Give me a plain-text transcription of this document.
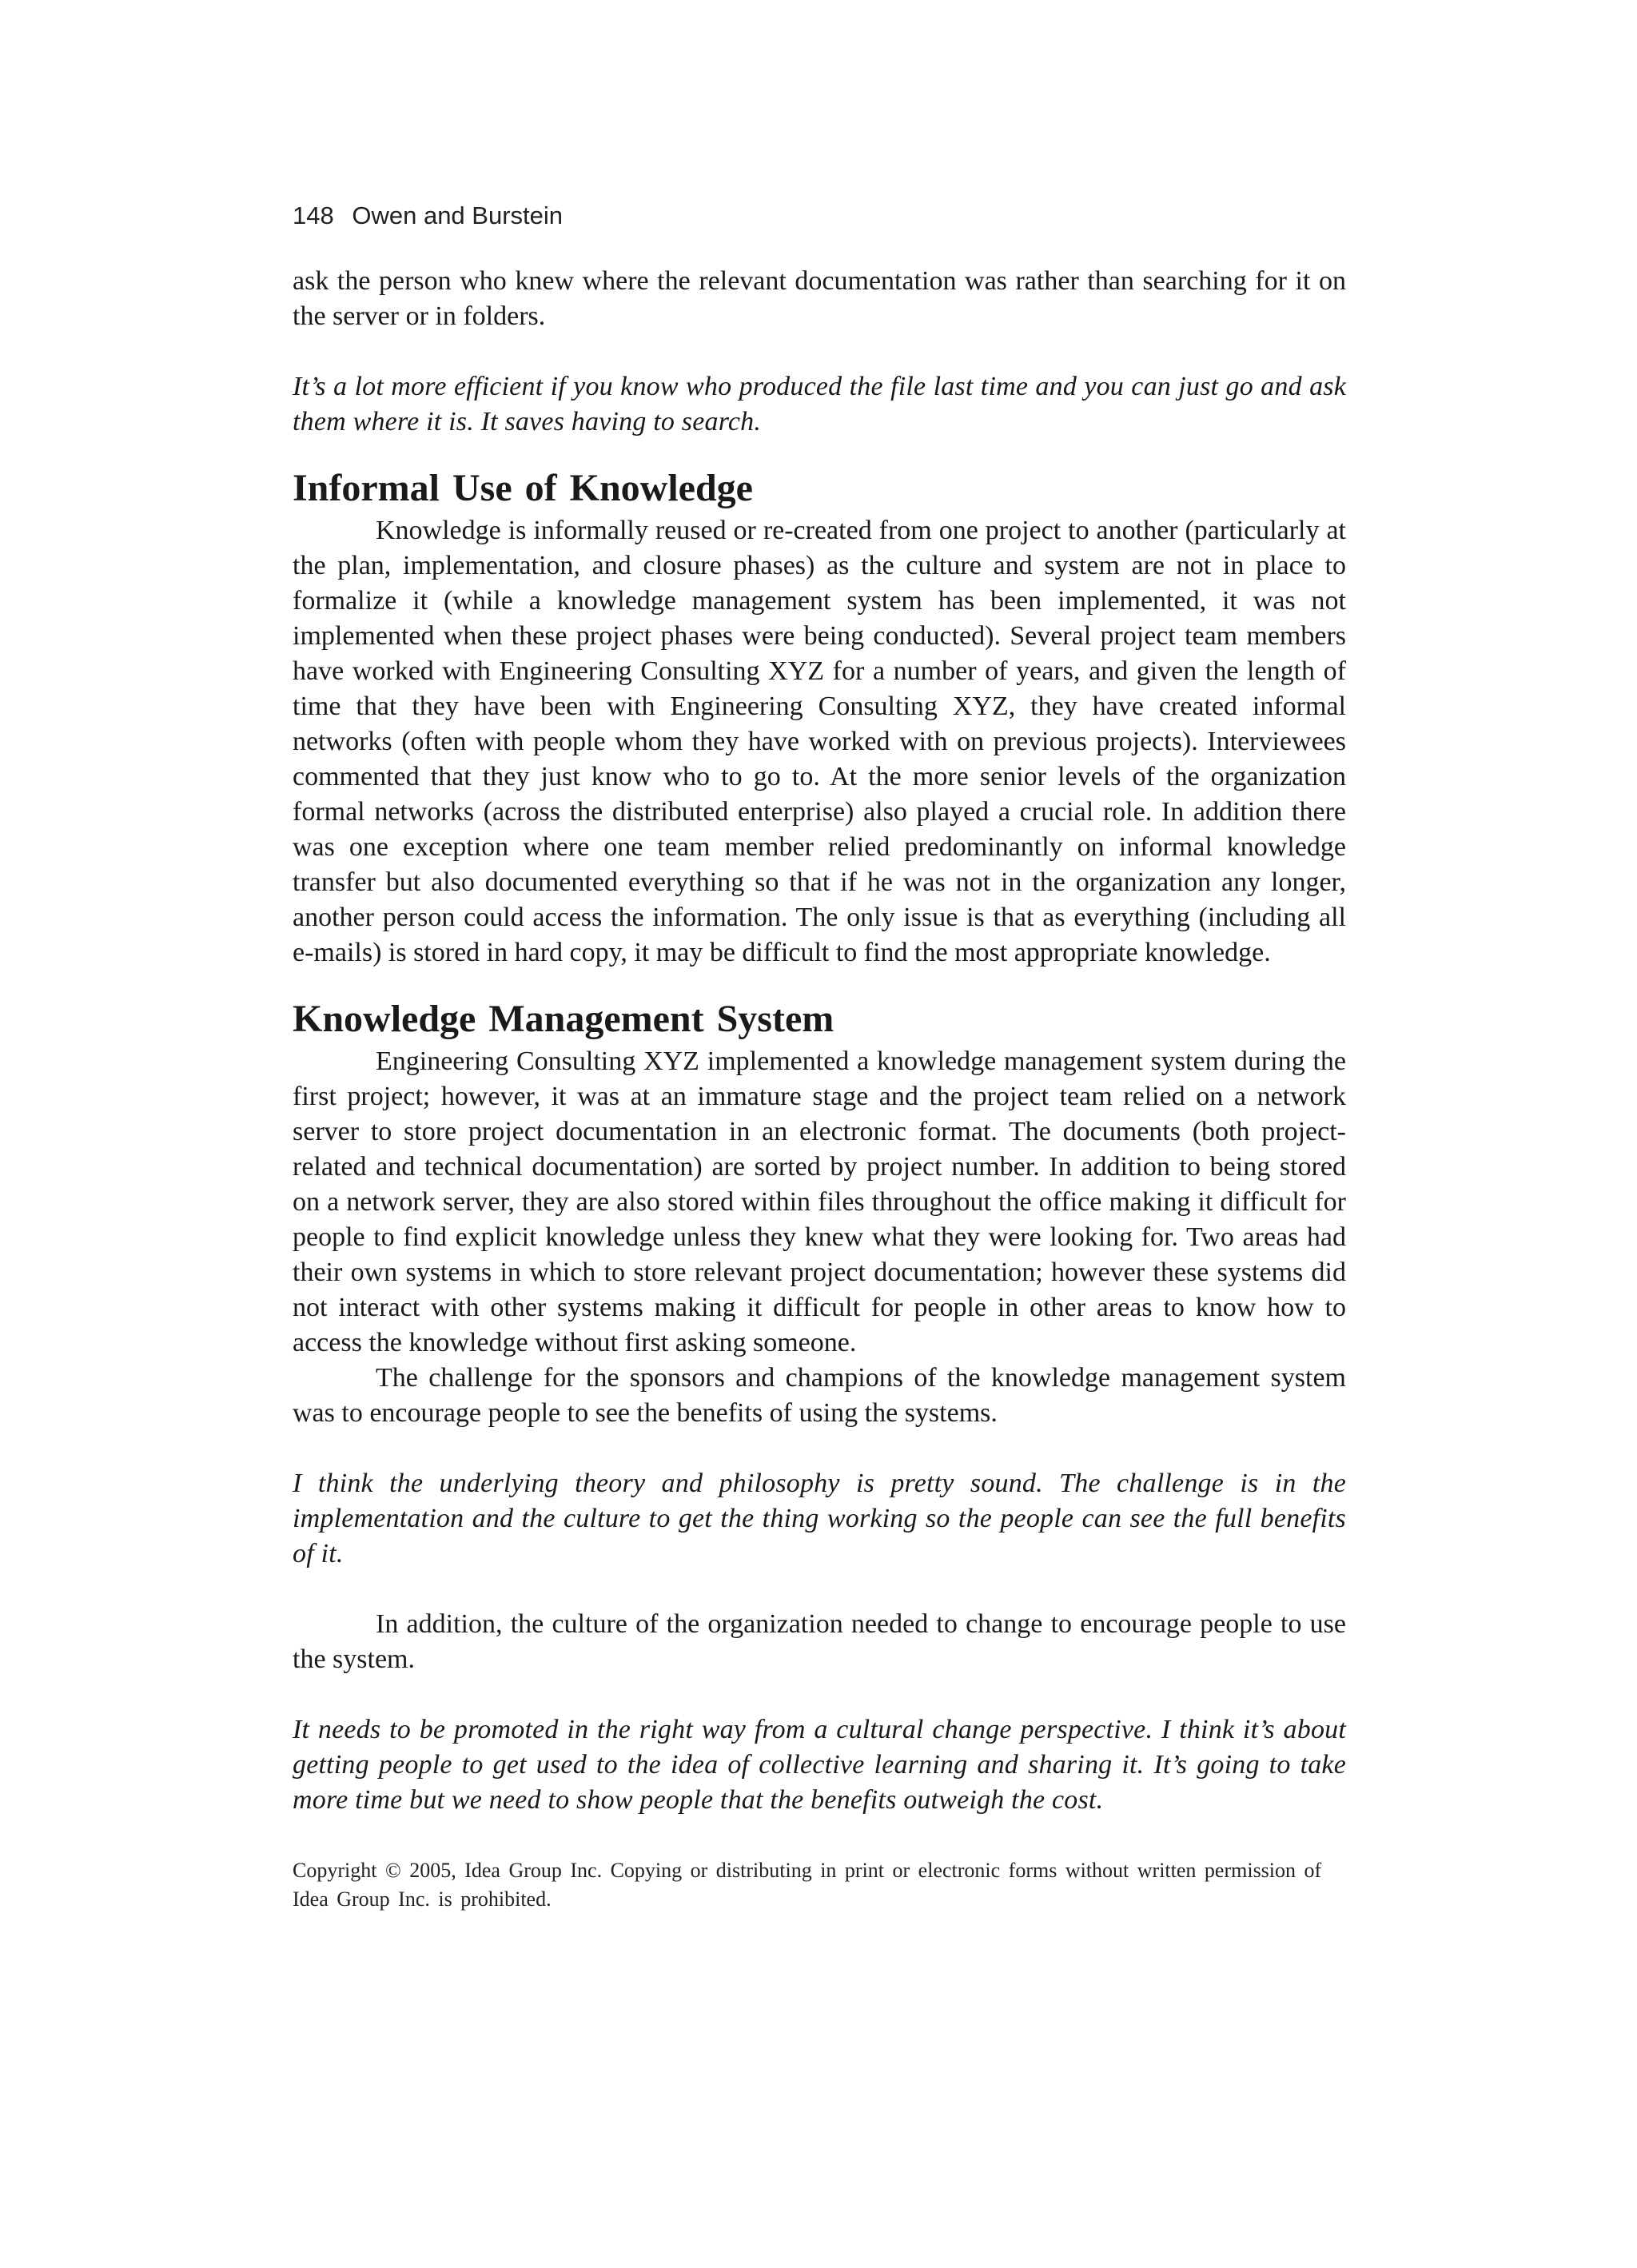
148 Owen and Burstein

ask the person who knew where the relevant documentation was rather than searching for it on the server or in folders.

It’s a lot more efficient if you know who produced the file last time and you can just go and ask them where it is. It saves having to search.
Informal Use of Knowledge

Knowledge is informally reused or re-created from one project to another (particularly at the plan, implementation, and closure phases) as the culture and system are not in place to formalize it (while a knowledge management system has been implemented, it was not implemented when these project phases were being conducted). Several project team members have worked with Engineering Consulting XYZ for a number of years, and given the length of time that they have been with Engineering Consulting XYZ, they have created informal networks (often with people whom they have worked with on previous projects). Interviewees commented that they just know who to go to. At the more senior levels of the organization formal networks (across the distributed enterprise) also played a crucial role. In addition there was one exception where one team member relied predominantly on informal knowledge transfer but also documented everything so that if he was not in the organization any longer, another person could access the information. The only issue is that as everything (including all e-mails) is stored in hard copy, it may be difficult to find the most appropriate knowledge.

Knowledge Management System

Engineering Consulting XYZ implemented a knowledge management system during the first project; however, it was at an immature stage and the project team relied on a network server to store project documentation in an electronic format. The documents (both project-related and technical documentation) are sorted by project number. In addition to being stored on a network server, they are also stored within files throughout the office making it difficult for people to find explicit knowledge unless they knew what they were looking for. Two areas had their own systems in which to store relevant project documentation; however these systems did not interact with other systems making it difficult for people in other areas to know how to access the knowledge without first asking someone.

The challenge for the sponsors and champions of the knowledge management system was to encourage people to see the benefits of using the systems.

I think the underlying theory and philosophy is pretty sound. The challenge is in the implementation and the culture to get the thing working so the people can see the full benefits of it.

In addition, the culture of the organization needed to change to encourage people to use the system.

It needs to be promoted in the right way from a cultural change perspective. I think it’s about getting people to get used to the idea of collective learning and sharing it. It’s going to take more time but we need to show people that the benefits outweigh the cost.
Copyright © 2005, Idea Group Inc. Copying or distributing in print or electronic forms without written permission of Idea Group Inc. is prohibited.
